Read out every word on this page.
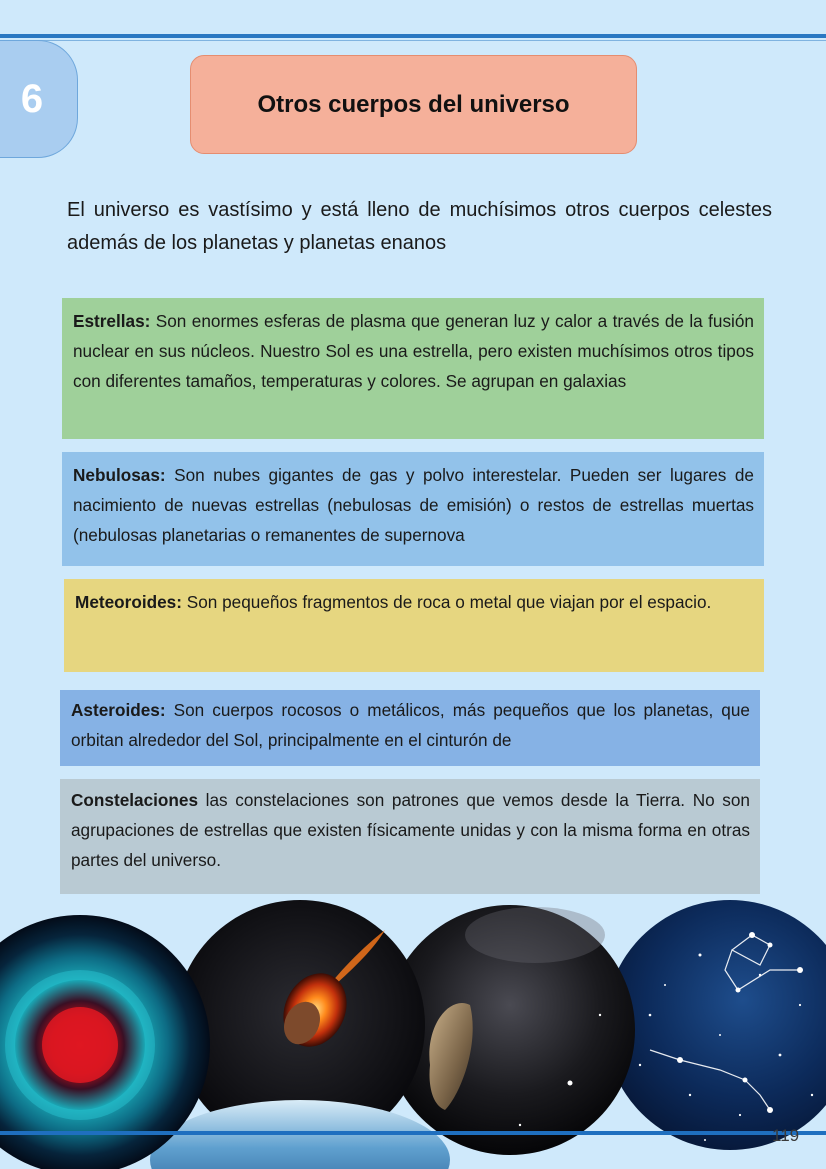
6	Otros cuerpos del universo

El universo es vastísimo y está lleno de muchísimos otros cuerpos celestes además de los planetas y planetas enanos

Estrellas: Son enormes esferas de plasma que generan luz y calor a través de la fusión nuclear en sus núcleos. Nuestro Sol es una estrella, pero existen muchísimos otros tipos con diferentes tamaños, temperaturas y colores. Se agrupan en galaxias
Nebulosas: Son nubes gigantes de gas y polvo interestelar. Pueden ser lugares de nacimiento de nuevas estrellas (nebulosas de emisión) o restos de estrellas muertas (nebulosas planetarias o remanentes de supernova
Meteoroides: Son pequeños fragmentos de roca o metal que viajan por el espacio.
Asteroides: Son cuerpos rocosos o metálicos, más pequeños que los planetas, que orbitan alrededor del Sol, principalmente en el cinturón de
Constelaciones las constelaciones son patrones que vemos desde la Tierra. No son agrupaciones de estrellas que existen físicamente unidas y con la misma forma en otras partes del universo.
119
